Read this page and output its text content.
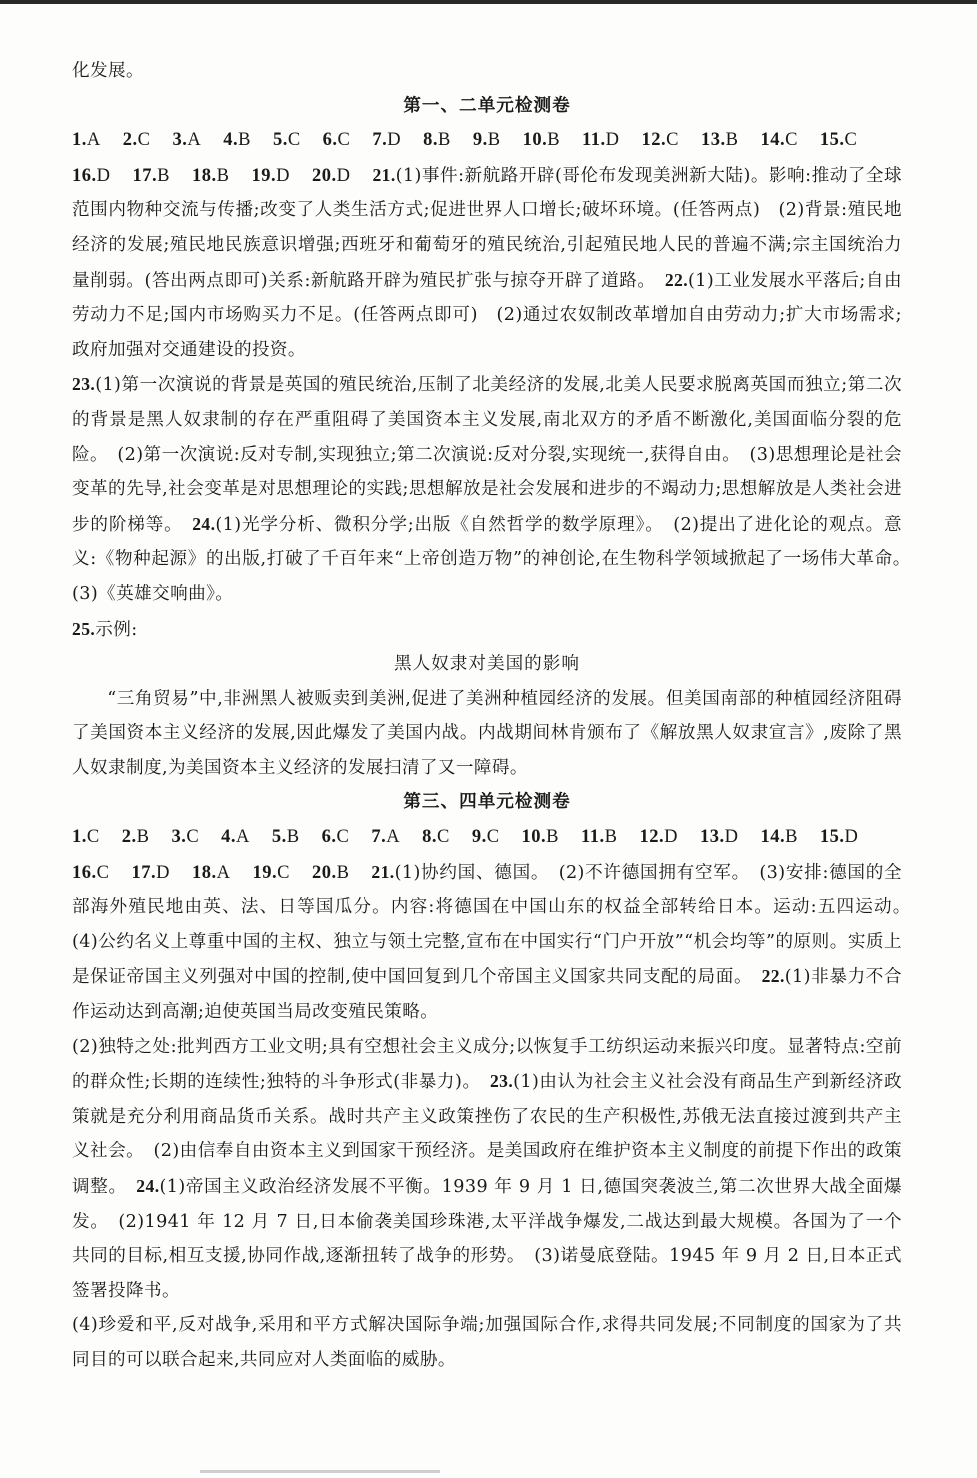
化发展。

第一、二单元检测卷

1.A 2.C 3.A 4.B 5.C 6.C 7.D 8.B 9.B 10.B 11.D 12.C 13.B 14.C 15.C

16.D 17.B 18.B 19.D 20.D 21.(1)事件:新航路开辟(哥伦布发现美洲新大陆)。影响:推动了全球范围内物种交流与传播;改变了人类生活方式;促进世界人口增长;破坏环境。(任答两点)　(2)背景:殖民地经济的发展;殖民地民族意识增强;西班牙和葡萄牙的殖民统治,引起殖民地人民的普遍不满;宗主国统治力量削弱。(答出两点即可)关系:新航路开辟为殖民扩张与掠夺开辟了道路。　 22.(1)工业发展水平落后;自由劳动力不足;国内市场购买力不足。(任答两点即可)　(2)通过农奴制改革增加自由劳动力;扩大市场需求;政府加强对交通建设的投资。

23.(1)第一次演说的背景是英国的殖民统治,压制了北美经济的发展,北美人民要求脱离英国而独立;第二次的背景是黑人奴隶制的存在严重阻碍了美国资本主义发展,南北双方的矛盾不断激化,美国面临分裂的危险。　(2)第一次演说:反对专制,实现独立;第二次演说:反对分裂,实现统一,获得自由。　(3)思想理论是社会变革的先导,社会变革是对思想理论的实践;思想解放是社会发展和进步的不竭动力;思想解放是人类社会进步的阶梯等。　 24.(1)光学分析、微积分学;出版《自然哲学的数学原理》。　(2)提出了进化论的观点。意义:《物种起源》的出版,打破了千百年来“上帝创造万物”的神创论,在生物科学领域掀起了一场伟大革命。　(3)《英雄交响曲》。

25.示例:

黑人奴隶对美国的影响

“三角贸易”中,非洲黑人被贩卖到美洲,促进了美洲种植园经济的发展。但美国南部的种植园经济阻碍了美国资本主义经济的发展,因此爆发了美国内战。内战期间林肯颁布了《解放黑人奴隶宣言》,废除了黑人奴隶制度,为美国资本主义经济的发展扫清了又一障碍。

第三、四单元检测卷

1.C 2.B 3.C 4.A 5.B 6.C 7.A 8.C 9.C 10.B 11.B 12.D 13.D 14.B 15.D

16.C 17.D 18.A 19.C 20.B 21.(1)协约国、德国。　(2)不许德国拥有空军。　(3)安排:德国的全部海外殖民地由英、法、日等国瓜分。内容:将德国在中国山东的权益全部转给日本。运动:五四运动。　(4)公约名义上尊重中国的主权、独立与领土完整,宣布在中国实行“门户开放”“机会均等”的原则。实质上是保证帝国主义列强对中国的控制,使中国回复到几个帝国主义国家共同支配的局面。　 22.(1)非暴力不合作运动达到高潮;迫使英国当局改变殖民策略。

(2)独特之处:批判西方工业文明;具有空想社会主义成分;以恢复手工纺织运动来振兴印度。显著特点:空前的群众性;长期的连续性;独特的斗争形式(非暴力)。　 23.(1)由认为社会主义社会没有商品生产到新经济政策就是充分利用商品货币关系。战时共产主义政策挫伤了农民的生产积极性,苏俄无法直接过渡到共产主义社会。　(2)由信奉自由资本主义到国家干预经济。是美国政府在维护资本主义制度的前提下作出的政策调整。　 24.(1)帝国主义政治经济发展不平衡。1939 年 9 月 1 日,德国突袭波兰,第二次世界大战全面爆发。　(2)1941 年 12 月 7 日,日本偷袭美国珍珠港,太平洋战争爆发,二战达到最大规模。各国为了一个共同的目标,相互支援,协同作战,逐渐扭转了战争的形势。　(3)诺曼底登陆。1945 年 9 月 2 日,日本正式签署投降书。

(4)珍爱和平,反对战争,采用和平方式解决国际争端;加强国际合作,求得共同发展;不同制度的国家为了共同目的可以联合起来,共同应对人类面临的威胁。
